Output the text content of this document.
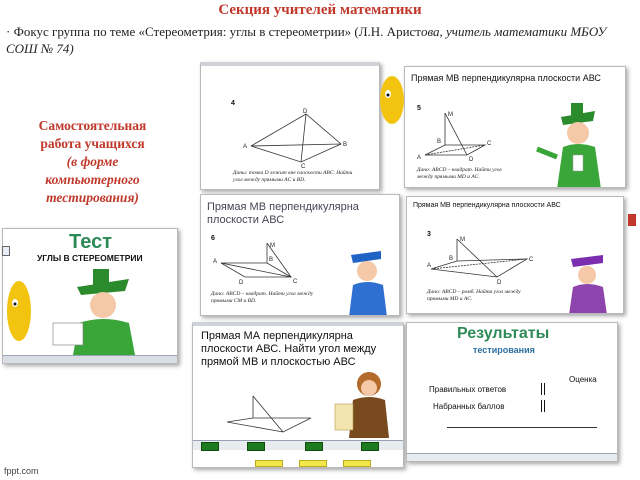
Секция учителей математики
· Фокус группа по теме «Стереометрия: углы в стереометрии» (Л.Н. Аристова, учитель математики МБОУ СОШ № 74)
Самостоятельная работа учащихся
(в форме компьютерного тестирования)
4
D
A	B
C
Даны: точка D лежит вне плоскости ABC. Найти угол между прямыми AC и BD.
Прямая МВ перпендикулярна плоскости АВС
5
M
B	C
A	D
Дано: ABCD – квадрат. Найти угол между прямыми MD и AC.
Прямая МВ перпендикулярна плоскости АВС
6
M
A	B
C
D
Дано: ABCD – квадрат. Найти угол между прямыми CM и BD.
Прямая МВ перпендикулярна плоскости АВС
3
M
A
B	C
D
Дано: ABCD – ромб. Найти угол между прямыми MD и AC.
Тест
УГЛЫ В СТЕРЕОМЕТРИИ
Прямая МА перпендикулярна плоскости АВС. Найти угол между прямой МВ и плоскостью АВС
Результаты
тестирования
Оценка
Правильных ответов
Набранных баллов
fppt.com
